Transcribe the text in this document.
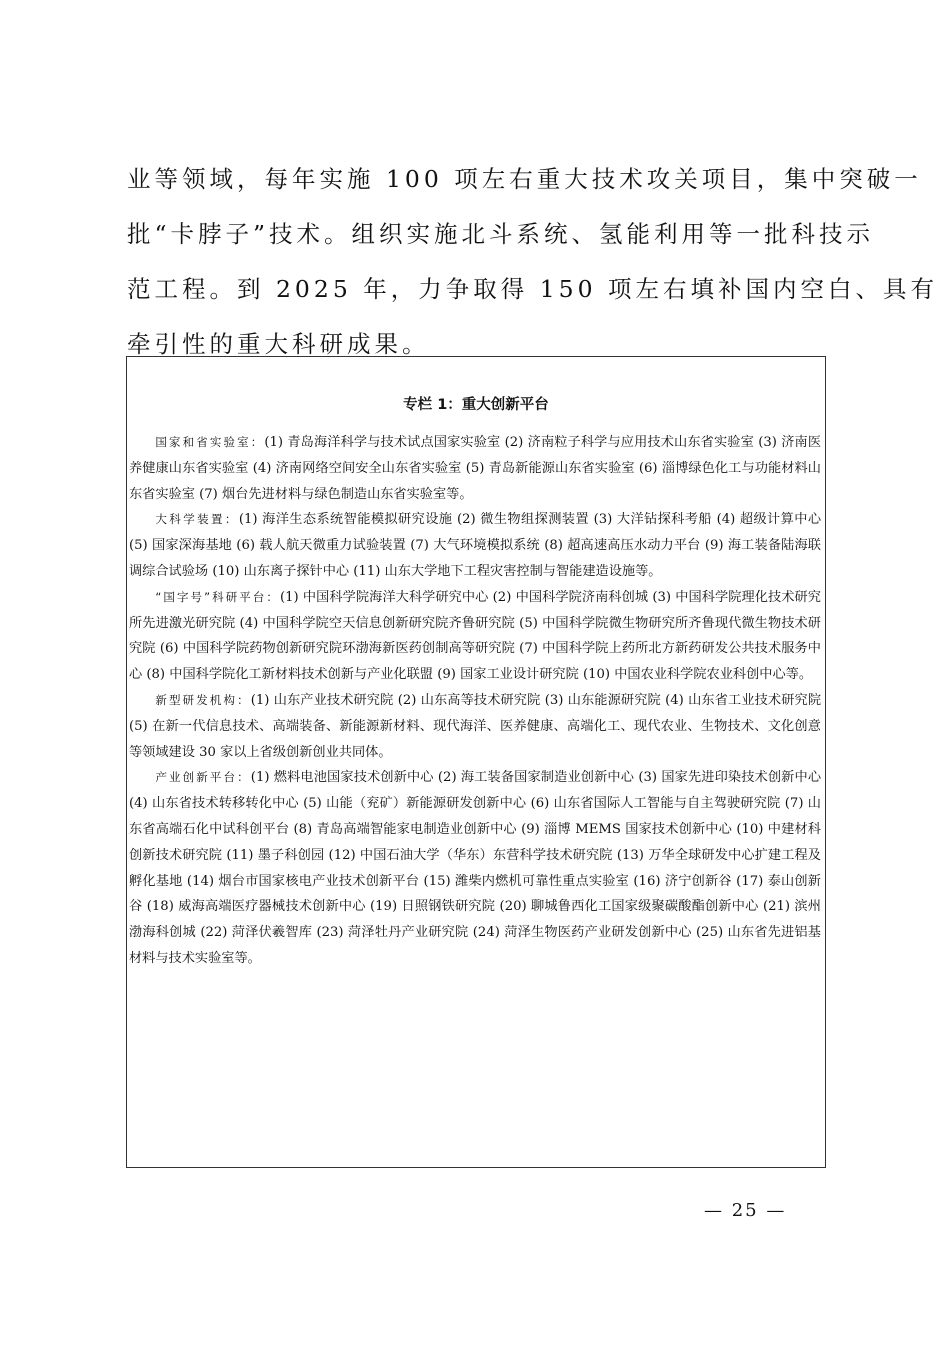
业等领域，每年实施 100 项左右重大技术攻关项目，集中突破一
批“卡脖子”技术。组织实施北斗系统、氢能利用等一批科技示
范工程。到 2025 年，力争取得 150 项左右填补国内空白、具有
牵引性的重大科研成果。
专栏 1：重大创新平台

国家和省实验室：(1) 青岛海洋科学与技术试点国家实验室 (2) 济南粒子科学与应用技术山东省实验室 (3) 济南医养健康山东省实验室 (4) 济南网络空间安全山东省实验室 (5) 青岛新能源山东省实验室 (6) 淄博绿色化工与功能材料山东省实验室 (7) 烟台先进材料与绿色制造山东省实验室等。

大科学装置：(1) 海洋生态系统智能模拟研究设施 (2) 微生物组探测装置 (3) 大洋钻探科考船 (4) 超级计算中心 (5) 国家深海基地 (6) 载人航天微重力试验装置 (7) 大气环境模拟系统 (8) 超高速高压水动力平台 (9) 海工装备陆海联调综合试验场 (10) 山东离子探针中心 (11) 山东大学地下工程灾害控制与智能建造设施等。

“国字号”科研平台：(1) 中国科学院海洋大科学研究中心 (2) 中国科学院济南科创城 (3) 中国科学院理化技术研究所先进激光研究院 (4) 中国科学院空天信息创新研究院齐鲁研究院 (5) 中国科学院微生物研究所齐鲁现代微生物技术研究院 (6) 中国科学院药物创新研究院环渤海新医药创制高等研究院 (7) 中国科学院上药所北方新药研发公共技术服务中心 (8) 中国科学院化工新材料技术创新与产业化联盟 (9) 国家工业设计研究院 (10) 中国农业科学院农业科创中心等。

新型研发机构：(1) 山东产业技术研究院 (2) 山东高等技术研究院 (3) 山东能源研究院 (4) 山东省工业技术研究院 (5) 在新一代信息技术、高端装备、新能源新材料、现代海洋、医养健康、高端化工、现代农业、生物技术、文化创意等领域建设 30 家以上省级创新创业共同体。

产业创新平台：(1) 燃料电池国家技术创新中心 (2) 海工装备国家制造业创新中心 (3) 国家先进印染技术创新中心 (4) 山东省技术转移转化中心 (5) 山能（兖矿）新能源研发创新中心 (6) 山东省国际人工智能与自主驾驶研究院 (7) 山东省高端石化中试科创平台 (8) 青岛高端智能家电制造业创新中心 (9) 淄博 MEMS 国家技术创新中心 (10) 中建材科创新技术研究院 (11) 墨子科创园 (12) 中国石油大学（华东）东营科学技术研究院 (13) 万华全球研发中心扩建工程及孵化基地 (14) 烟台市国家核电产业技术创新平台 (15) 潍柴内燃机可靠性重点实验室 (16) 济宁创新谷 (17) 泰山创新谷 (18) 威海高端医疗器械技术创新中心 (19) 日照钢铁研究院 (20) 聊城鲁西化工国家级聚碳酸酯创新中心 (21) 滨州渤海科创城 (22) 菏泽伏羲智库 (23) 菏泽牡丹产业研究院 (24) 菏泽生物医药产业研发创新中心 (25) 山东省先进铝基材料与技术实验室等。

— 25 —
